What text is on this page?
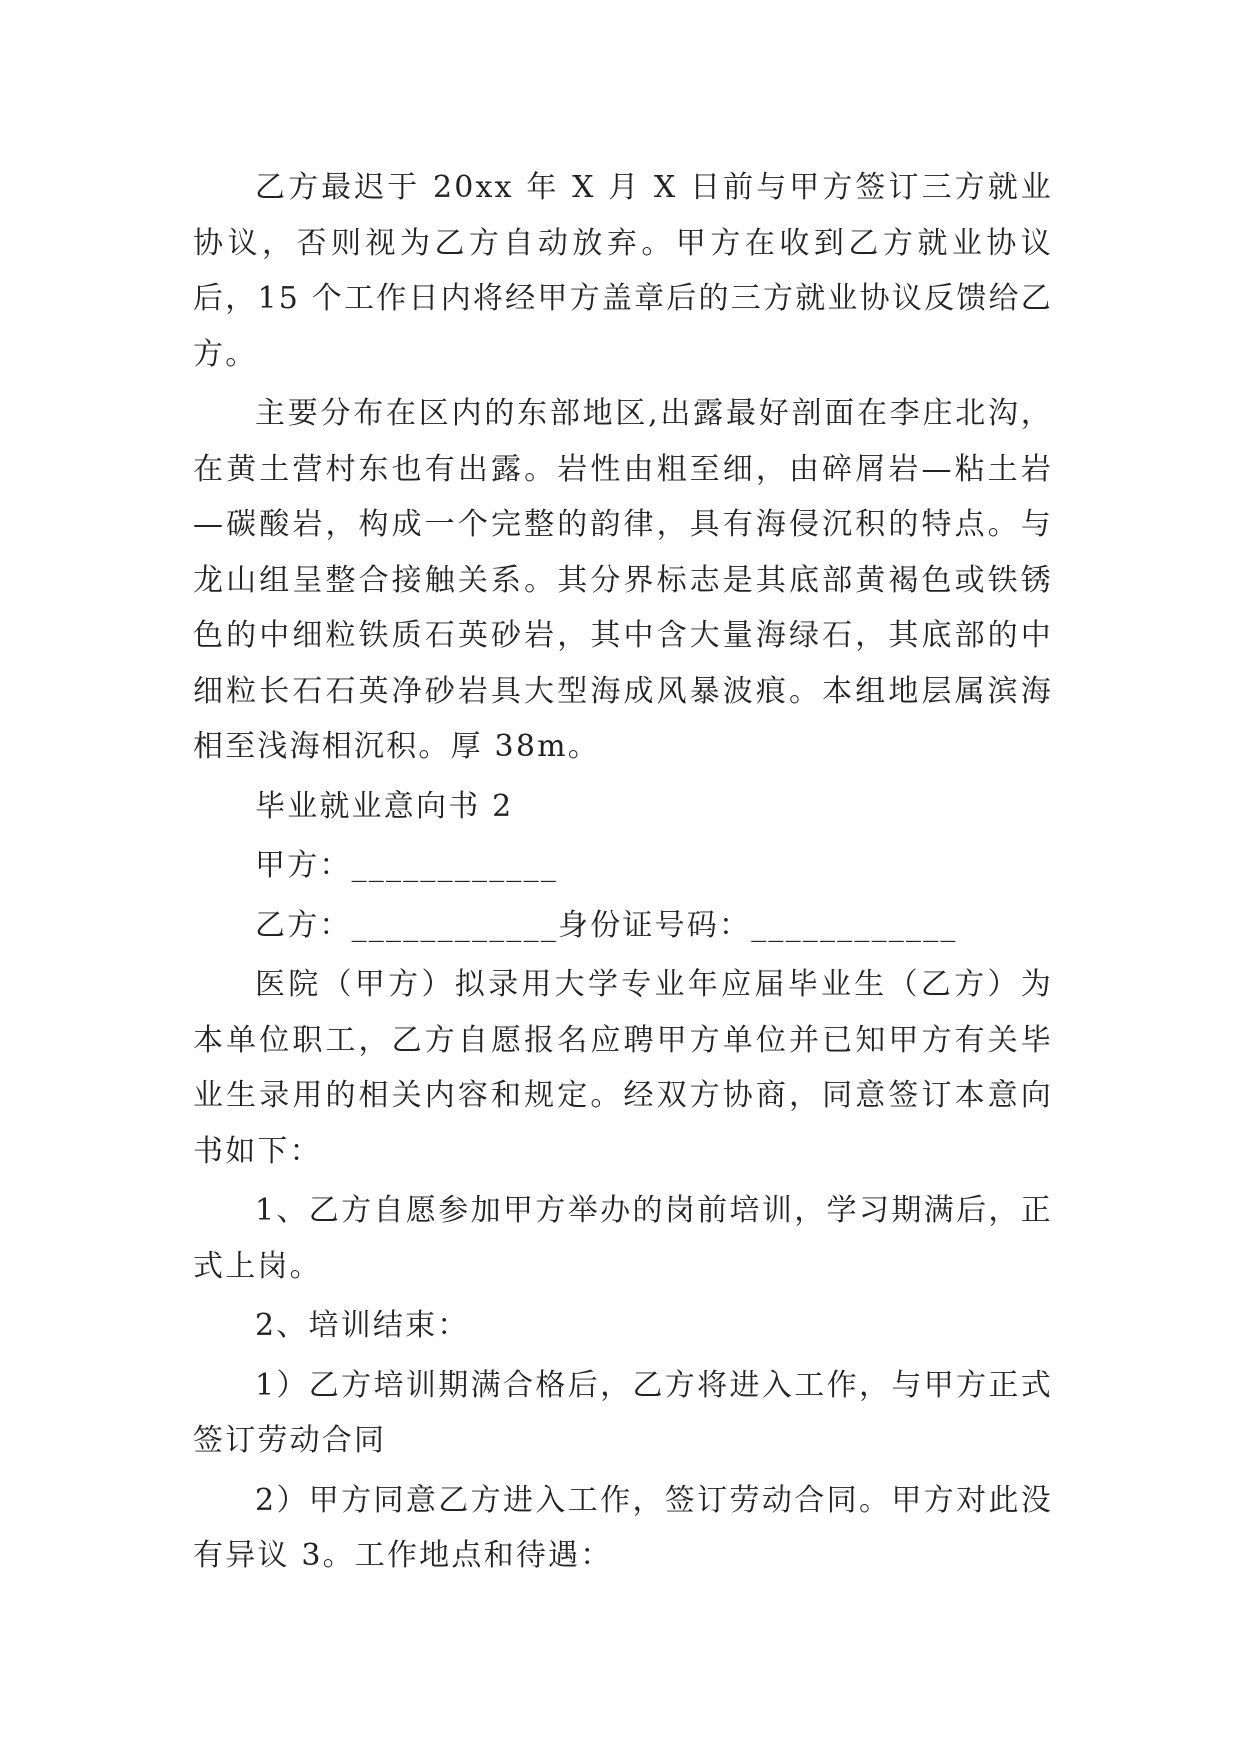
乙方最迟于 20xx 年 X 月 X 日前与甲方签订三方就业协议，否则视为乙方自动放弃。甲方在收到乙方就业协议后，15 个工作日内将经甲方盖章后的三方就业协议反馈给乙方。

主要分布在区内的东部地区,出露最好剖面在李庄北沟，在黄土营村东也有出露。岩性由粗至细，由碎屑岩—粘土岩—碳酸岩，构成一个完整的韵律，具有海侵沉积的特点。与龙山组呈整合接触关系。其分界标志是其底部黄褐色或铁锈色的中细粒铁质石英砂岩，其中含大量海绿石，其底部的中细粒长石石英净砂岩具大型海成风暴波痕。本组地层属滨海相至浅海相沉积。厚 38m。

毕业就业意向书 2

甲方：____________

乙方：____________身份证号码：____________

医院（甲方）拟录用大学专业年应届毕业生（乙方）为本单位职工，乙方自愿报名应聘甲方单位并已知甲方有关毕业生录用的相关内容和规定。经双方协商，同意签订本意向书如下：

1、乙方自愿参加甲方举办的岗前培训，学习期满后，正式上岗。

2、培训结束：

1）乙方培训期满合格后，乙方将进入工作，与甲方正式签订劳动合同

2）甲方同意乙方进入工作，签订劳动合同。甲方对此没有异议 3。工作地点和待遇：
